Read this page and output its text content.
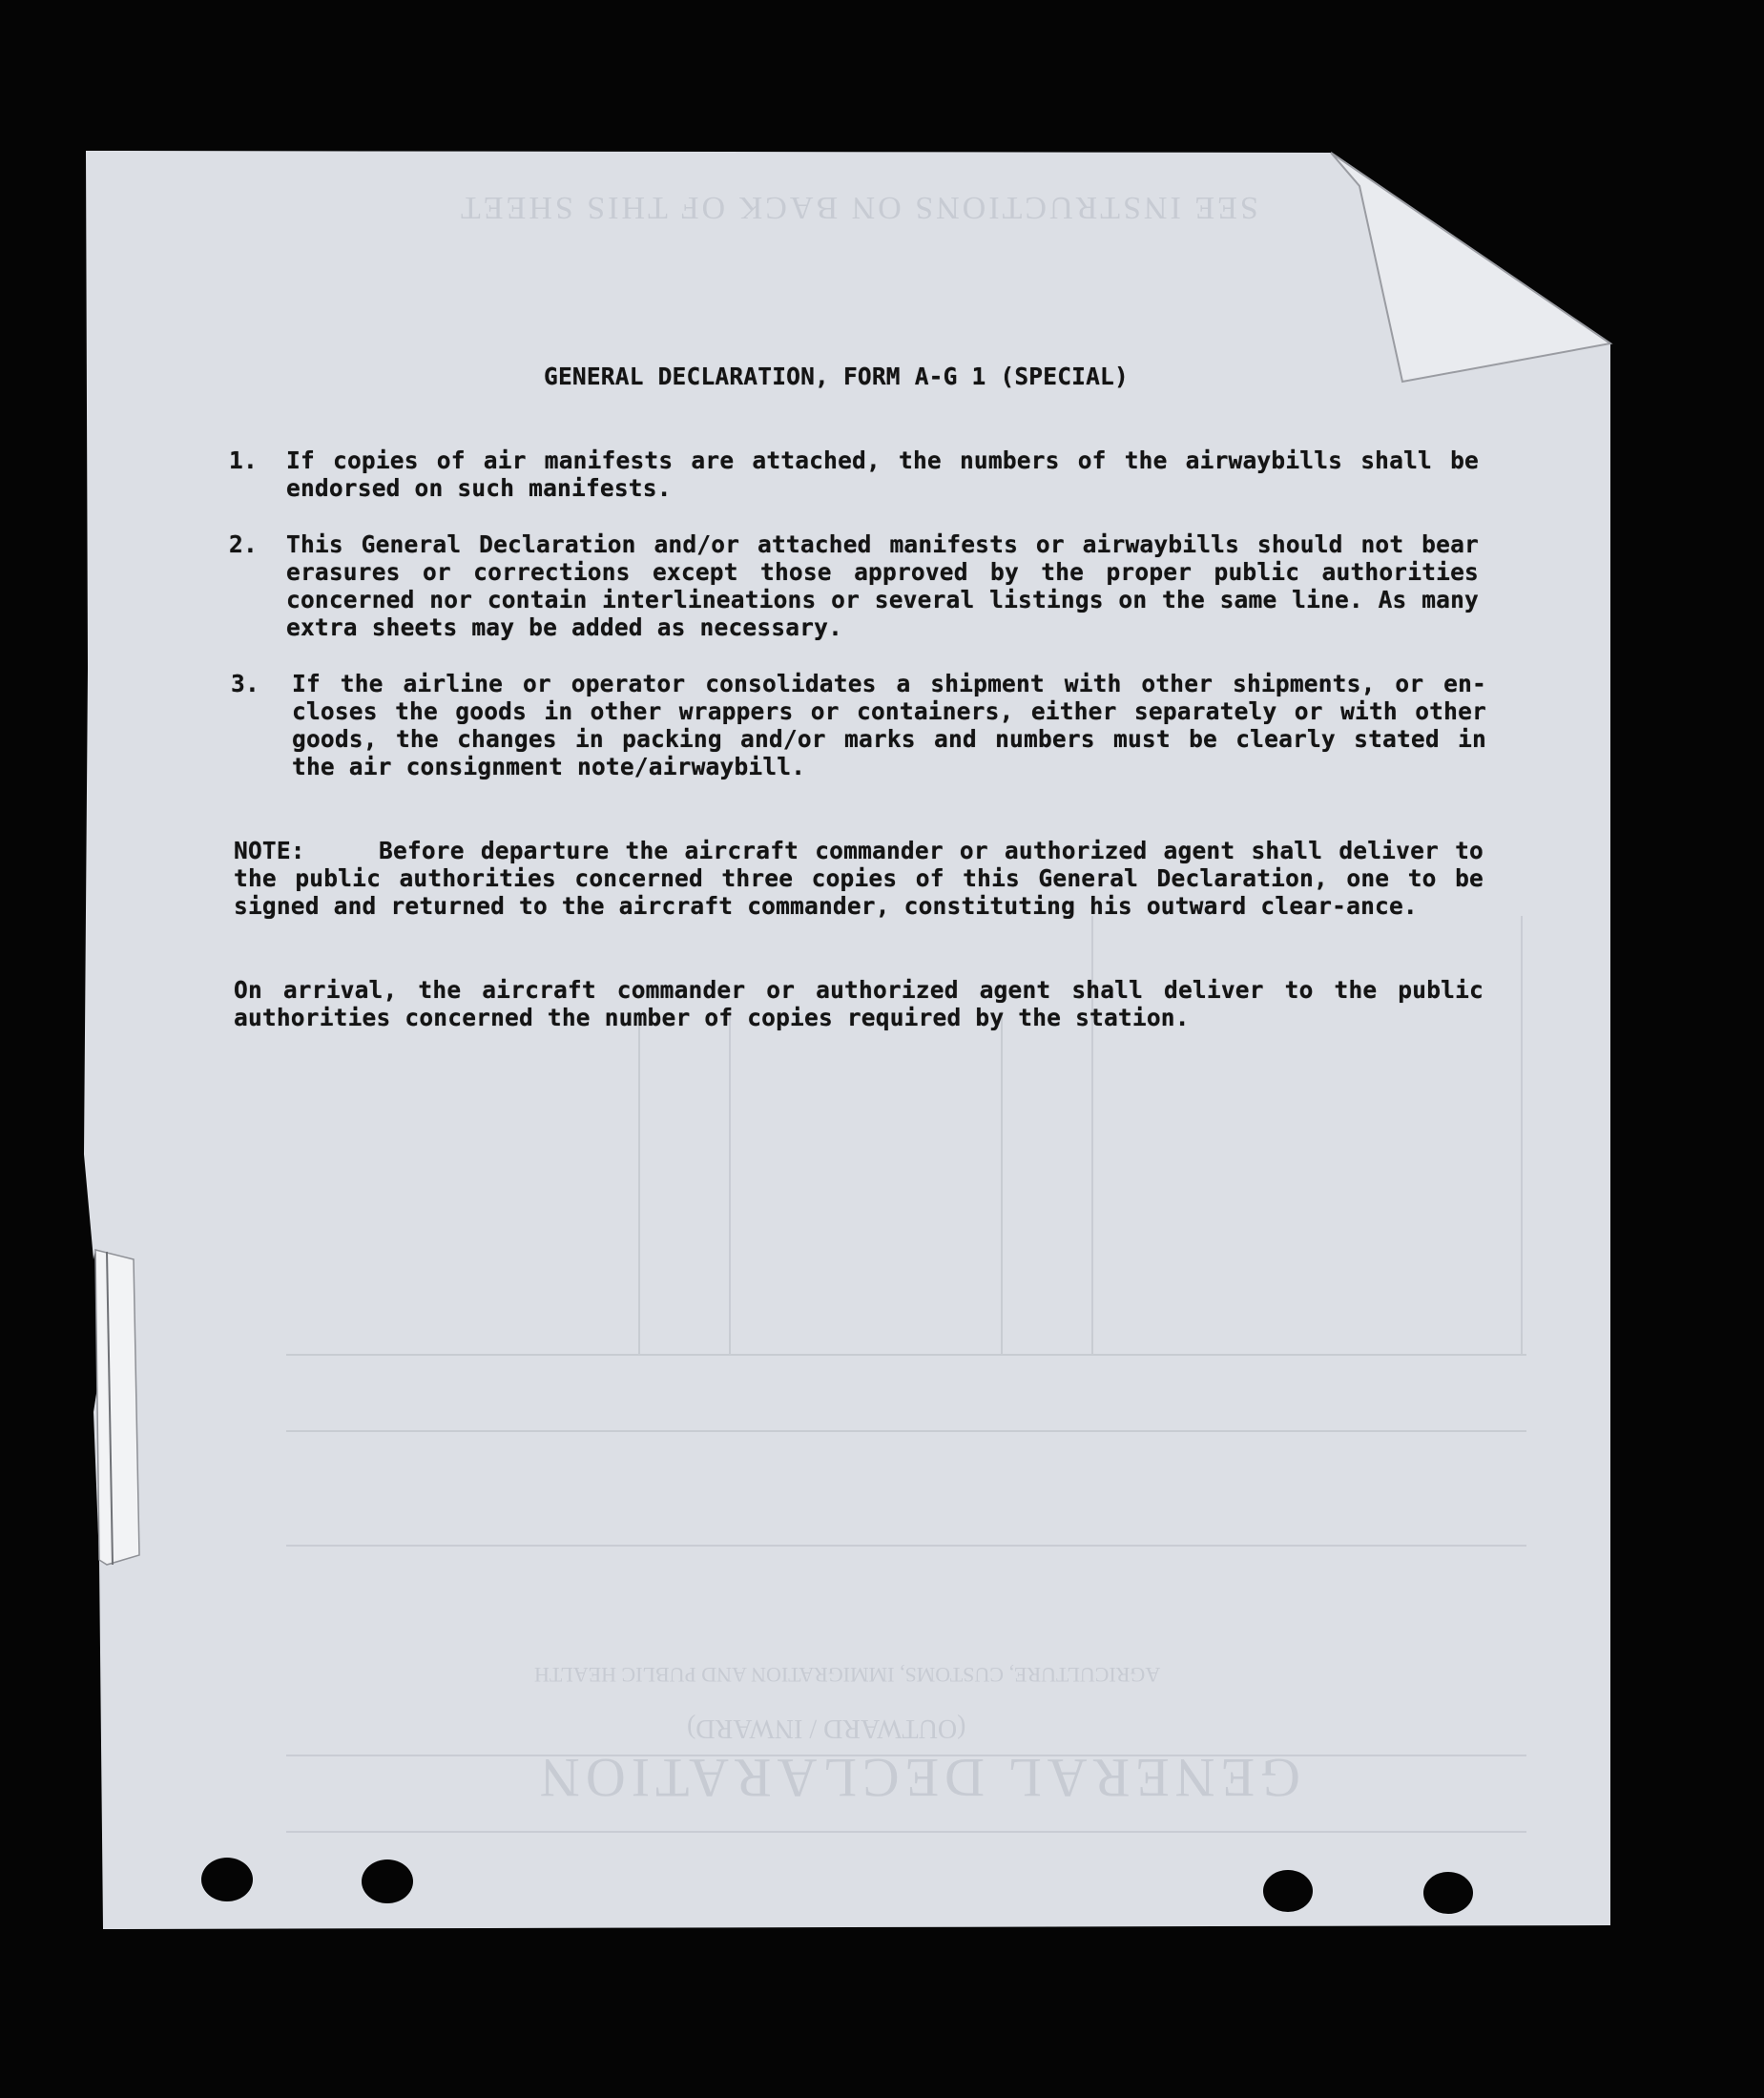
SEE INSTRUCTIONS ON BACK OF THIS SHEET
AGRICULTURE, CUSTOMS, IMMIGRATION AND PUBLIC HEALTH
(OUTWARD / INWARD)
GENERAL DECLARATION
GENERAL DECLARATION, FORM A-G 1 (SPECIAL)
1.	If copies of air manifests are attached, the numbers of the airwaybills shall be endorsed on such manifests.
2.	This General Declaration and/or attached manifests or airwaybills should not bear erasures or corrections except those approved by the proper public authorities concerned nor contain interlineations or several listings on the same line. As many extra sheets may be added as necessary.
3.	If the airline or operator consolidates a shipment with other shipments, or en-closes the goods in other wrappers or containers, either separately or with other goods, the changes in packing and/or marks and numbers must be clearly stated in the air consignment note/airwaybill.
NOTE:	Before departure the aircraft commander or authorized agent shall deliver to the public authorities concerned three copies of this General Declaration, one to be signed and returned to the aircraft commander, constituting his outward clear-ance.
On arrival, the aircraft commander or authorized agent shall deliver to the public authorities concerned the number of copies required by the station.
